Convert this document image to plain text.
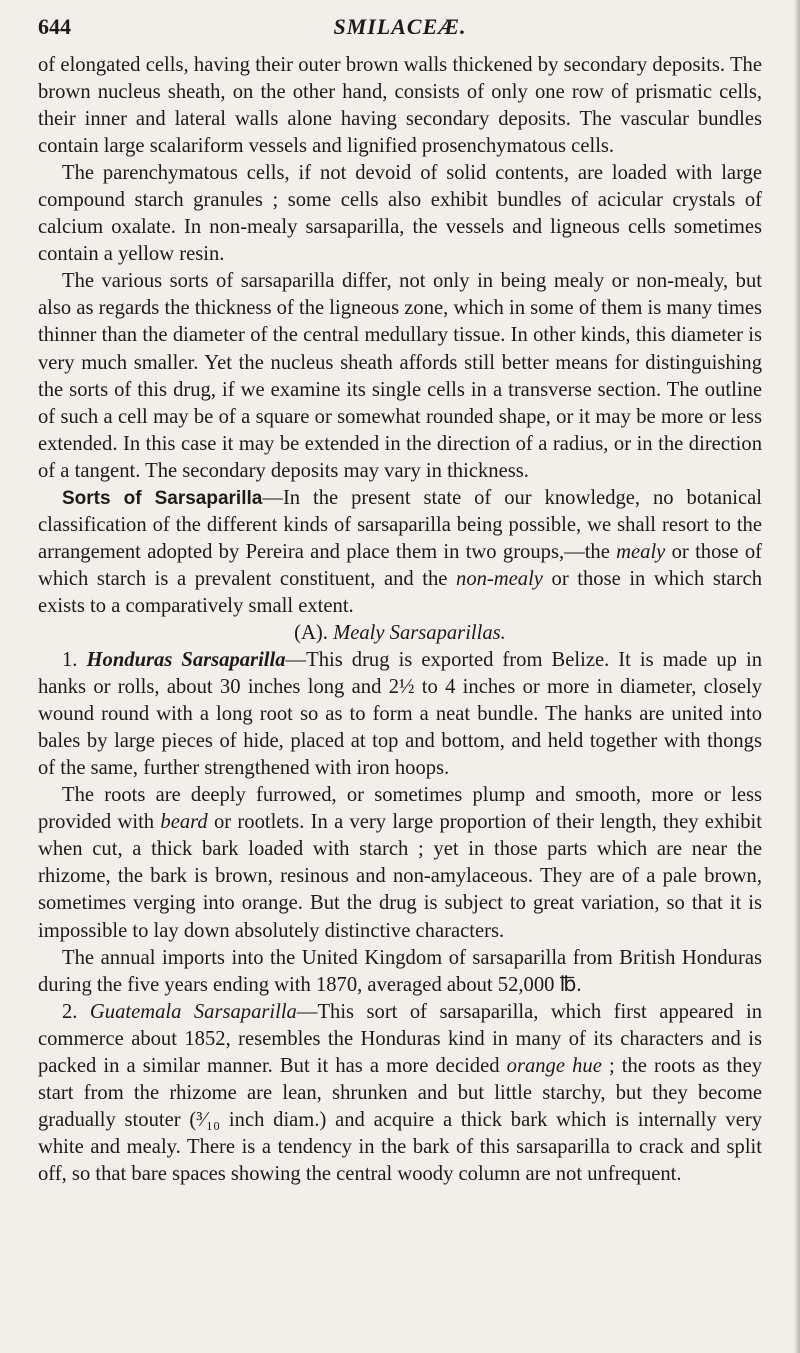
644	SMILACEÆ.

of elongated cells, having their outer brown walls thickened by secondary deposits. The brown nucleus sheath, on the other hand, consists of only one row of prismatic cells, their inner and lateral walls alone having secondary deposits. The vascular bundles contain large scalariform vessels and lignified prosenchymatous cells.

The parenchymatous cells, if not devoid of solid contents, are loaded with large compound starch granules ; some cells also exhibit bundles of acicular crystals of calcium oxalate. In non-mealy sarsaparilla, the vessels and ligneous cells sometimes contain a yellow resin.

The various sorts of sarsaparilla differ, not only in being mealy or non-mealy, but also as regards the thickness of the ligneous zone, which in some of them is many times thinner than the diameter of the central medullary tissue. In other kinds, this diameter is very much smaller. Yet the nucleus sheath affords still better means for distinguishing the sorts of this drug, if we examine its single cells in a transverse section. The outline of such a cell may be of a square or somewhat rounded shape, or it may be more or less extended. In this case it may be extended in the direction of a radius, or in the direction of a tangent. The secondary deposits may vary in thickness.

Sorts of Sarsaparilla—In the present state of our knowledge, no botanical classification of the different kinds of sarsaparilla being possible, we shall resort to the arrangement adopted by Pereira and place them in two groups,—the mealy or those of which starch is a prevalent constituent, and the non-mealy or those in which starch exists to a comparatively small extent.

(A). Mealy Sarsaparillas.

1. Honduras Sarsaparilla—This drug is exported from Belize. It is made up in hanks or rolls, about 30 inches long and 2½ to 4 inches or more in diameter, closely wound round with a long root so as to form a neat bundle. The hanks are united into bales by large pieces of hide, placed at top and bottom, and held together with thongs of the same, further strengthened with iron hoops.

The roots are deeply furrowed, or sometimes plump and smooth, more or less provided with beard or rootlets. In a very large proportion of their length, they exhibit when cut, a thick bark loaded with starch ; yet in those parts which are near the rhizome, the bark is brown, resinous and non-amylaceous. They are of a pale brown, sometimes verging into orange. But the drug is subject to great variation, so that it is impossible to lay down absolutely distinctive characters.

The annual imports into the United Kingdom of sarsaparilla from British Honduras during the five years ending with 1870, averaged about 52,000 ℔.

2. Guatemala Sarsaparilla—This sort of sarsaparilla, which first appeared in commerce about 1852, resembles the Honduras kind in many of its characters and is packed in a similar manner. But it has a more decided orange hue ; the roots as they start from the rhizome are lean, shrunken and but little starchy, but they become gradually stouter (³⁄₁₀ inch diam.) and acquire a thick bark which is internally very white and mealy. There is a tendency in the bark of this sarsaparilla to crack and split off, so that bare spaces showing the central woody column are not unfrequent.
